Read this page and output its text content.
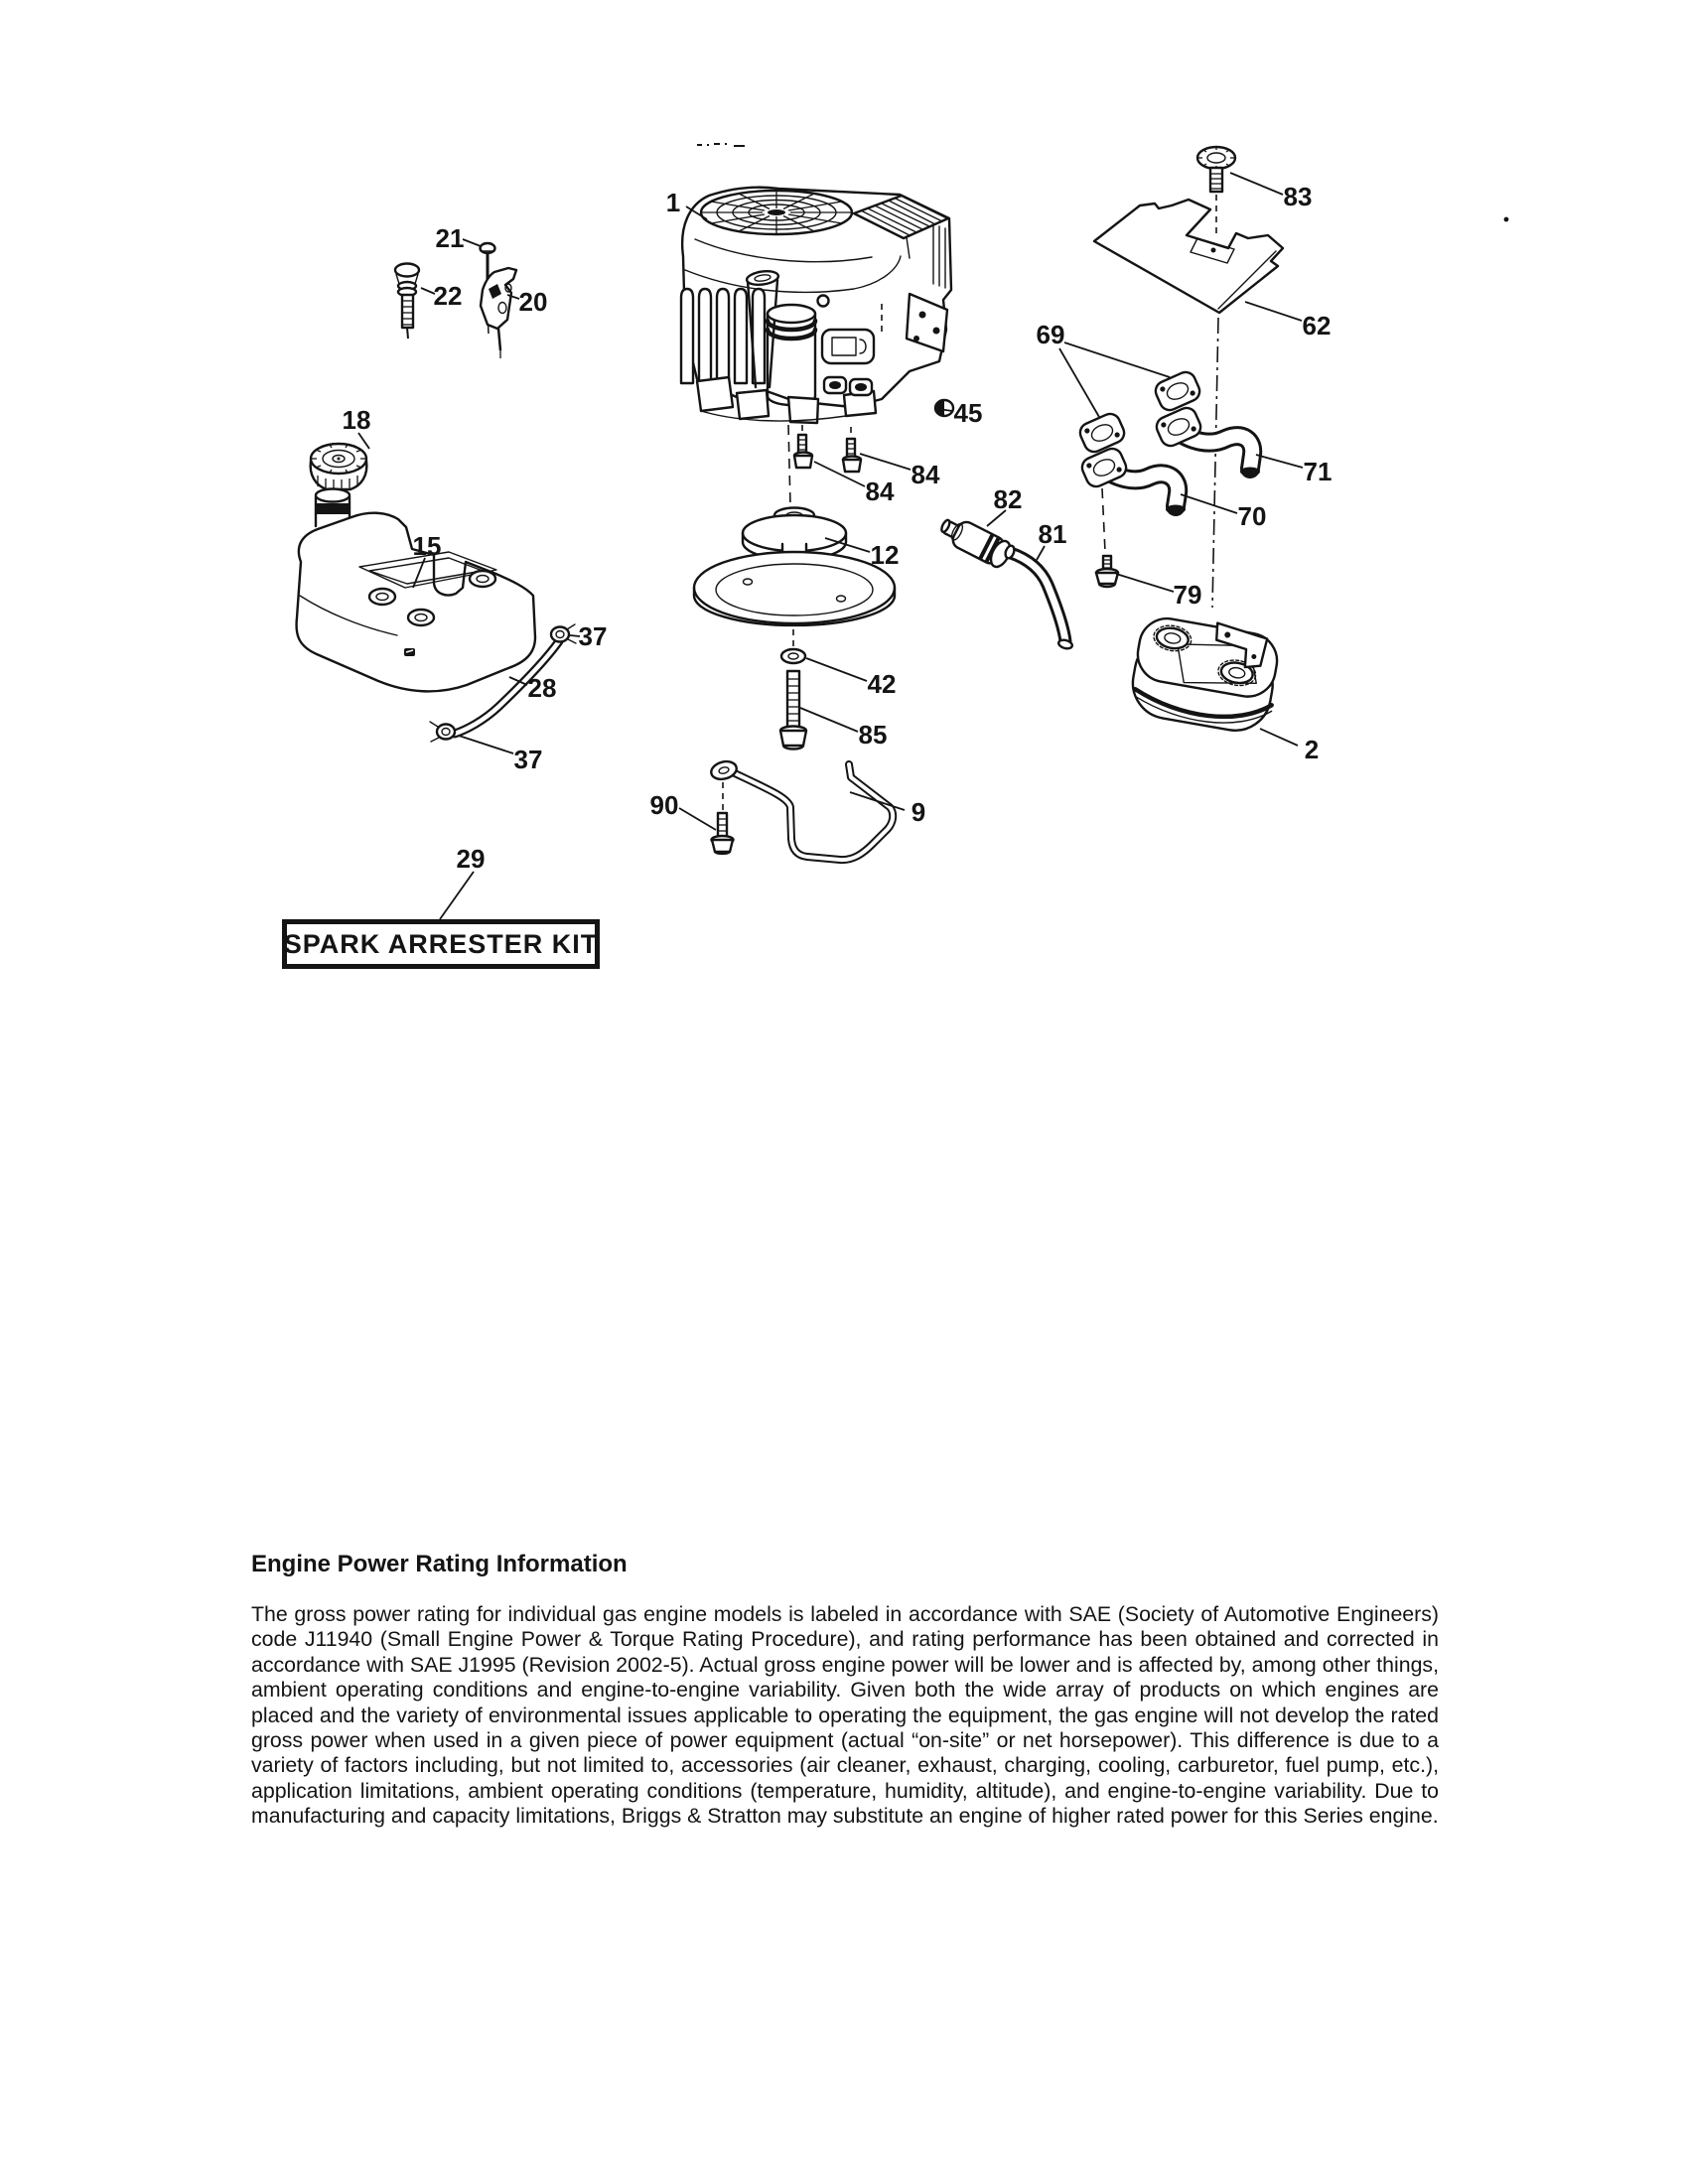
1
21
22 20
18
15
37
28
37
29
45
84
84
12
42
85
90	9
83
62
69
71
70
79
82
81
2
SPARK ARRESTER KIT
Engine Power Rating Information

The gross power rating for individual gas engine models is labeled in accordance with SAE (Society of Automotive Engineers) code J11940 (Small Engine Power & Torque Rating Procedure), and rating performance has been obtained and corrected in accordance with SAE J1995 (Revision 2002-5). Actual gross engine power will be lower and is affected by, among other things, ambient operating conditions and engine-to-engine variability. Given both the wide array of products on which engines are placed and the variety of environmental issues applicable to operating the equipment, the gas engine will not develop the rated gross power when used in a given piece of power equipment (actual “on-site” or net horsepower). This difference is due to a variety of factors including, but not limited to, accessories (air cleaner, exhaust, charging, cooling, carburetor, fuel pump, etc.), application limitations, ambient operating conditions (temperature, humidity, altitude), and engine-to-engine variability. Due to manufacturing and capacity limitations, Briggs & Stratton may substitute an engine of higher rated power for this Series engine.
